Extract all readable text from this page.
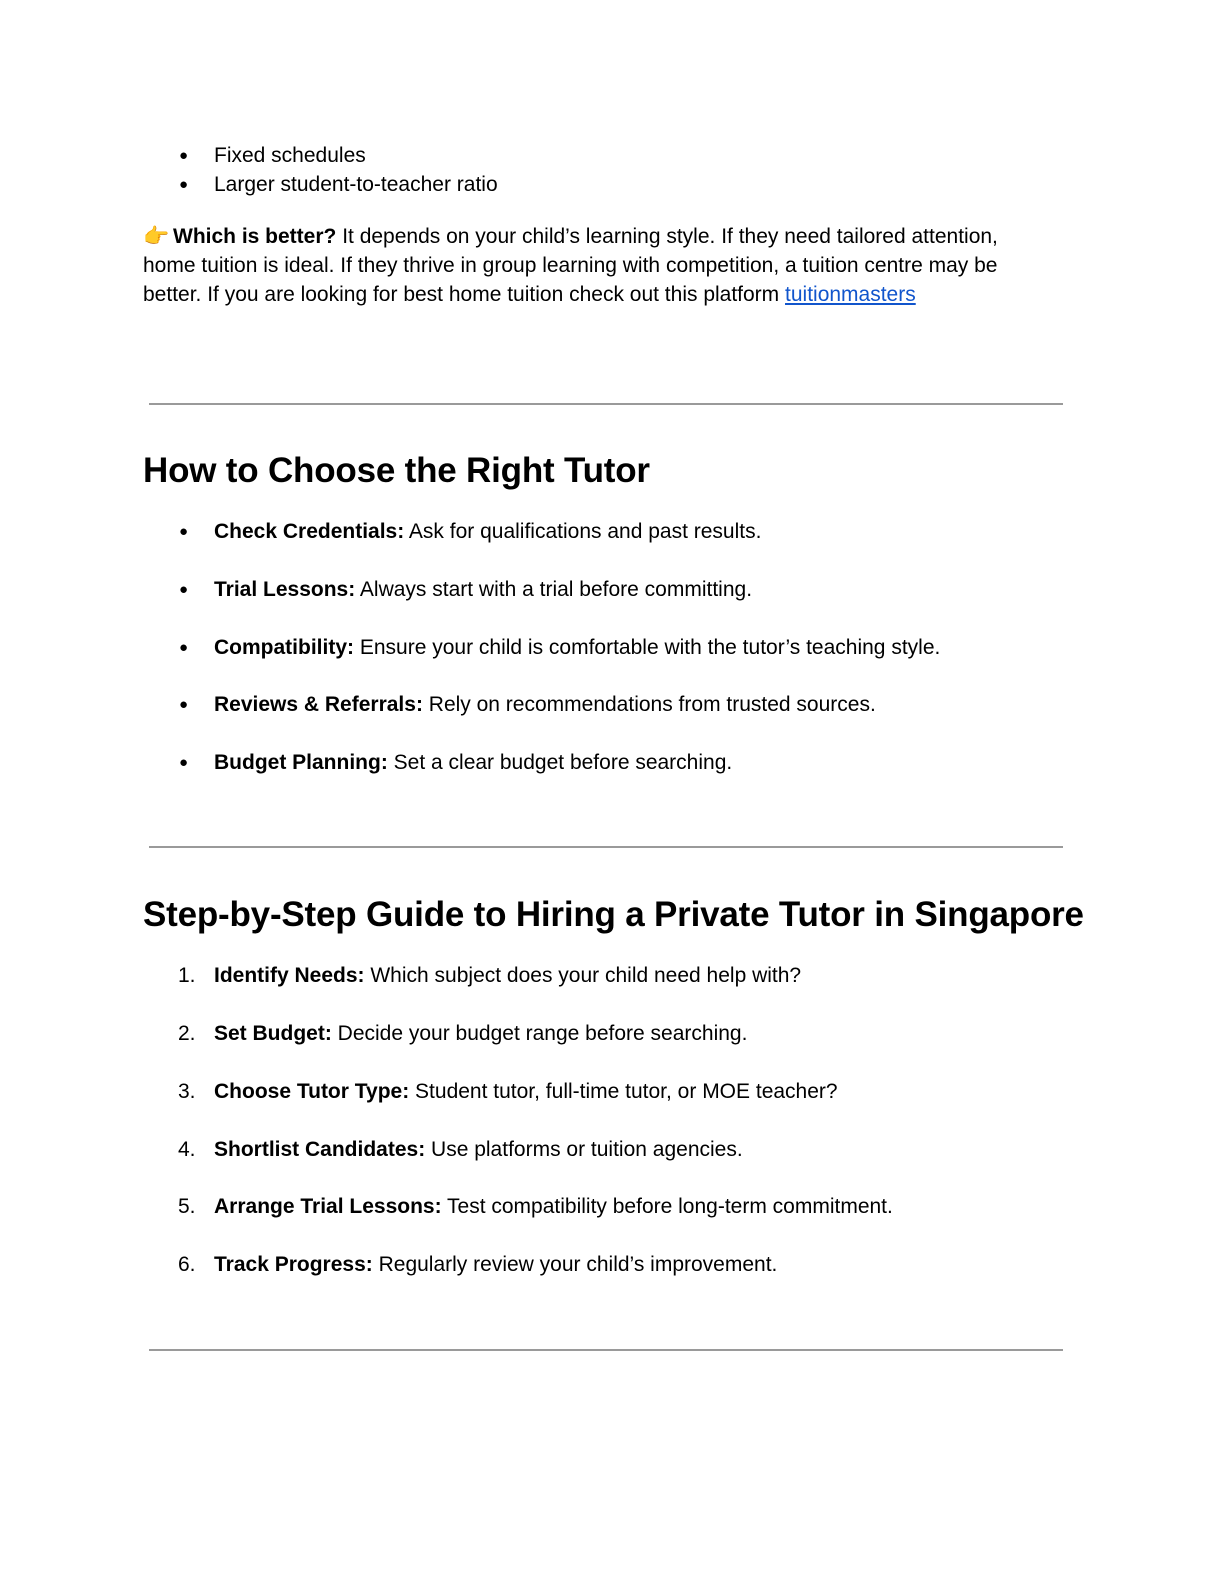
●	Fixed schedules
●	Larger student-to-teacher ratio

👉 Which is better? It depends on your child’s learning style. If they need tailored attention, home tuition is ideal. If they thrive in group learning with competition, a tuition centre may be better. If you are looking for best home tuition check out this platform tuitionmasters

How to Choose the Right Tutor
● Check Credentials: Ask for qualifications and past results.
● Trial Lessons: Always start with a trial before committing.
● Compatibility: Ensure your child is comfortable with the tutor’s teaching style.
● Reviews & Referrals: Rely on recommendations from trusted sources.
● Budget Planning: Set a clear budget before searching.
Step-by-Step Guide to Hiring a Private Tutor in Singapore
1. Identify Needs: Which subject does your child need help with?
2. Set Budget: Decide your budget range before searching.
3. Choose Tutor Type: Student tutor, full-time tutor, or MOE teacher?
4. Shortlist Candidates: Use platforms or tuition agencies.
5. Arrange Trial Lessons: Test compatibility before long-term commitment.
6. Track Progress: Regularly review your child’s improvement.
